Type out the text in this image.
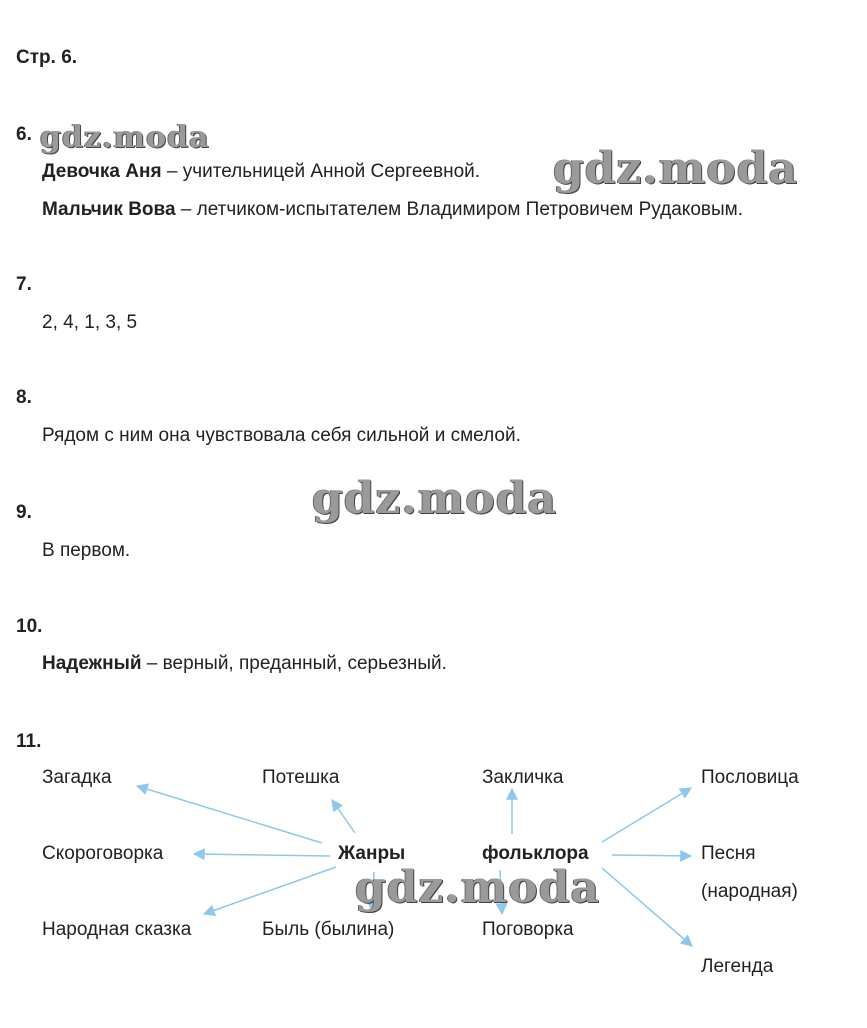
Стр. 6.
6.
Девочка Аня – учительницей Анной Сергеевной.
Мальчик Вова – летчиком-испытателем Владимиром Петровичем Рудаковым.
7.
2, 4, 1, 3, 5
8.
Рядом с ним она чувствовала себя сильной и смелой.
9.
В первом.
10.
Надежный – верный, преданный, серьезный.
11.
Загадка	Потешка	Закличка	Пословица
Скороговорка	Жанры	фольклора	Песня
(народная)
Народная сказка	Быль (былина)	Поговорка
Легенда
gdz.moda
gdz.moda
gdz.moda
gdz.moda
